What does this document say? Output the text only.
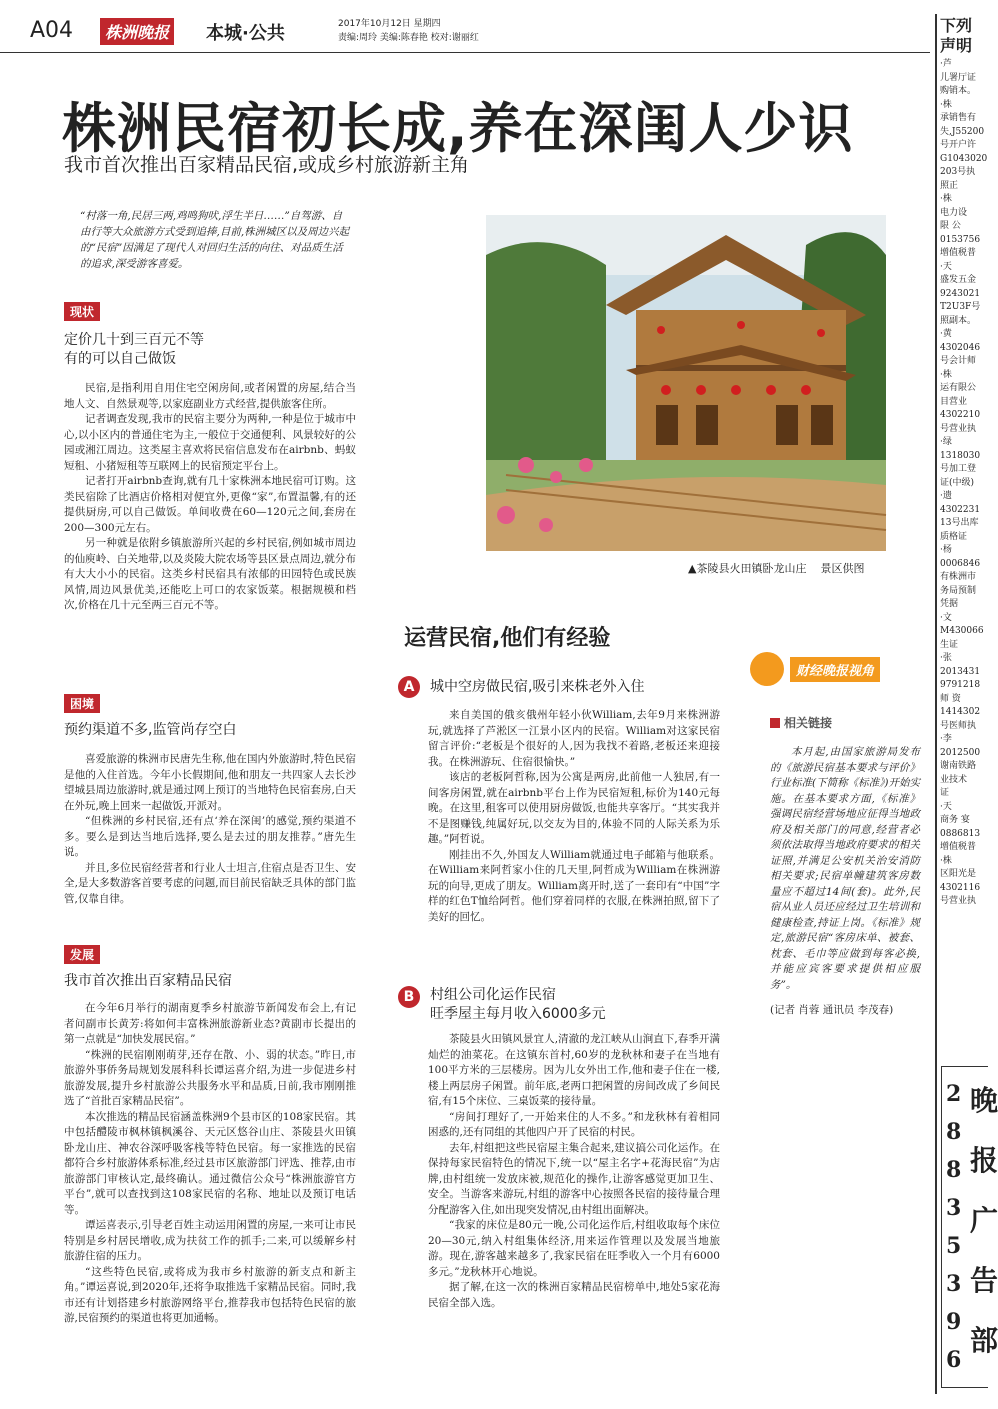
A04	株洲晚报 本城·公共	2017年10月12日 星期四
责编:周玲 美编:陈春艳 校对:谢丽红
株洲民宿初长成,养在深闺人少识
我市首次推出百家精品民宿,或成乡村旅游新主角
“村落一角,民居三两,鸡鸣狗吠,浮生半日……”自驾游、自由行等大众旅游方式受到追捧,目前,株洲城区以及周边兴起的“民宿”因满足了现代人对回归生活的向往、对品质生活的追求,深受游客喜爱。
现状
定价几十到三百元不等
有的可以自己做饭

民宿,是指利用自用住宅空闲房间,或者闲置的房屋,结合当地人文、自然景观等,以家庭副业方式经营,提供旅客住所。

记者调查发现,我市的民宿主要分为两种,一种是位于城市中心,以小区内的普通住宅为主,一般位于交通便利、风景较好的公园或湘江周边。这类屋主喜欢将民宿信息发布在airbnb、蚂蚁短租、小猪短租等互联网上的民宿预定平台上。

记者打开airbnb查询,就有几十家株洲本地民宿可订购。这类民宿除了比酒店价格相对便宜外,更像“家”,布置温馨,有的还提供厨房,可以自己做饭。单间收费在60—120元之间,套房在200—300元左右。

另一种就是依附乡镇旅游所兴起的乡村民宿,例如城市周边的仙庾岭、白关地带,以及炎陵大院农场等县区景点周边,就分布有大大小小的民宿。这类乡村民宿具有浓郁的田园特色或民族风情,周边风景优美,还能吃上可口的农家饭菜。根据规模和档次,价格在几十元至两三百元不等。

困境
预约渠道不多,监管尚存空白

喜爱旅游的株洲市民唐先生称,他在国内外旅游时,特色民宿是他的入住首选。今年小长假期间,他和朋友一共四家人去长沙望城县周边旅游时,就是通过网上预订的当地特色民宿套房,白天在外玩,晚上回来一起做饭,开派对。

“但株洲的乡村民宿,还有点‘养在深闺’的感觉,预约渠道不多。要么是到达当地后选择,要么是去过的朋友推荐。”唐先生说。

并且,多位民宿经营者和行业人士坦言,住宿点是否卫生、安全,是大多数游客首要考虑的问题,而目前民宿缺乏具体的部门监管,仅靠自律。

发展
我市首次推出百家精品民宿

在今年6月举行的湖南夏季乡村旅游节新闻发布会上,有记者问副市长黄芳:将如何丰富株洲旅游新业态?黄副市长提出的第一点就是“加快发展民宿。”

“株洲的民宿刚刚萌芽,还存在散、小、弱的状态。”昨日,市旅游外事侨务局规划发展科科长谭运喜介绍,为进一步促进乡村旅游发展,提升乡村旅游公共服务水平和品质,日前,我市刚刚推选了“首批百家精品民宿”。

本次推选的精品民宿涵盖株洲9个县市区的108家民宿。其中包括醴陵市枫林镇枫溪谷、天元区悠谷山庄、茶陵县火田镇卧龙山庄、神农谷深呼吸客栈等特色民宿。每一家推选的民宿都符合乡村旅游体系标准,经过县市区旅游部门评选、推荐,由市旅游部门审核认定,最终确认。通过微信公众号“株洲旅游官方平台”,就可以查找到这108家民宿的名称、地址以及预订电话等。

谭运喜表示,引导老百姓主动运用闲置的房屋,一来可让市民特别是乡村居民增收,成为扶贫工作的抓手;二来,可以缓解乡村旅游住宿的压力。

“这些特色民宿,或将成为我市乡村旅游的新支点和新主角。”谭运喜说,到2020年,还将争取推选千家精品民宿。同时,我市还有计划搭建乡村旅游网络平台,推荐我市包括特色民宿的旅游,民宿预约的渠道也将更加通畅。

▲茶陵县火田镇卧龙山庄    景区供图
运营民宿,他们有经验
财经晚报视角
A	城中空房做民宿,吸引来株老外入住

来自美国的俄亥俄州年轻小伙William,去年9月来株洲游玩,就选择了芦淞区一江景小区内的民宿。William对这家民宿留言评价:“老板是个很好的人,因为我找不着路,老板还来迎接我。在株洲游玩、住宿很愉快。”

该店的老板阿哲称,因为公寓是两房,此前他一人独居,有一间客房闲置,就在airbnb平台上作为民宿短租,标价为140元每晚。在这里,租客可以使用厨房做饭,也能共享客厅。“其实我并不是图赚钱,纯属好玩,以交友为目的,体验不同的人际关系为乐趣。”阿哲说。

刚挂出不久,外国友人William就通过电子邮箱与他联系。在William来阿哲家小住的几天里,阿哲成为William在株洲游玩的向导,更成了朋友。William离开时,送了一套印有“中国”字样的红色T恤给阿哲。他们穿着同样的衣服,在株洲拍照,留下了美好的回忆。

B	村组公司化运作民宿
旺季屋主每月收入6000多元

茶陵县火田镇风景宜人,清澈的龙江峡从山涧直下,春季开满灿烂的油菜花。在这镇东首村,60岁的龙秋林和妻子在当地有100平方米的三层楼房。因为儿女外出工作,他和妻子住在一楼,楼上两层房子闲置。前年底,老两口把闲置的房间改成了乡间民宿,有15个床位、三桌饭菜的接待量。

“房间打理好了,一开始来住的人不多。”和龙秋林有着相同困惑的,还有同组的其他四户开了民宿的村民。

去年,村组把这些民宿屋主集合起来,建议搞公司化运作。在保持每家民宿特色的情况下,统一以“屋主名字+花海民宿”为店牌,由村组统一发放床被,规范化的操作,让游客感觉更加卫生、安全。当游客来游玩,村组的游客中心按照各民宿的接待量合理分配游客入住,如出现突发情况,由村组出面解决。

“我家的床位是80元一晚,公司化运作后,村组收取每个床位20—30元,纳入村组集体经济,用来运作管理以及发展当地旅游。现在,游客越来越多了,我家民宿在旺季收入一个月有6000多元。”龙秋林开心地说。

据了解,在这一次的株洲百家精品民宿榜单中,地处5家花海民宿全部入选。

相关链接

本月起,由国家旅游局发布的《旅游民宿基本要求与评价》行业标准(下简称《标准》)开始实施。在基本要求方面,《标准》强调民宿经营场地应征得当地政府及相关部门的同意,经营者必须依法取得当地政府要求的相关证照,并满足公安机关治安消防相关要求;民宿单幢建筑客房数量应不超过14间(套)。此外,民宿从业人员还应经过卫生培训和健康检查,持证上岗。《标准》规定,旅游民宿“客房床单、被套、枕套、毛巾等应做到每客必换,并能应宾客要求提供相应服务”。

(记者 肖蓉 通讯员 李茂春)
下列声明
·芦
儿署厅证
购销本。
·株
承销售有
失,J55200
号开户许
G1043020
203号执
照正
·株
电力设
限 公
0153756
增值税普
·天
盛发五金
9243021
T2U3F号
照副本。
·黄
4302046
号会计师
·株
运有限公
目营业
4302210
号营业执
·绿
1318030
号加工登
证(中级)
·遗
4302231
13号出库
质格证
·杨
0006846
有株洲市
务局预制
凭据
·文
M430066
生证
·张
2013431
9791218
师 资
1414302
号医师执
·李
2012500
谢南铁路
业技术
证
·天
商务 宴
0886813
增值税普
·株
区阳光是
4302116
号营业执
晚报广告部
28835396
